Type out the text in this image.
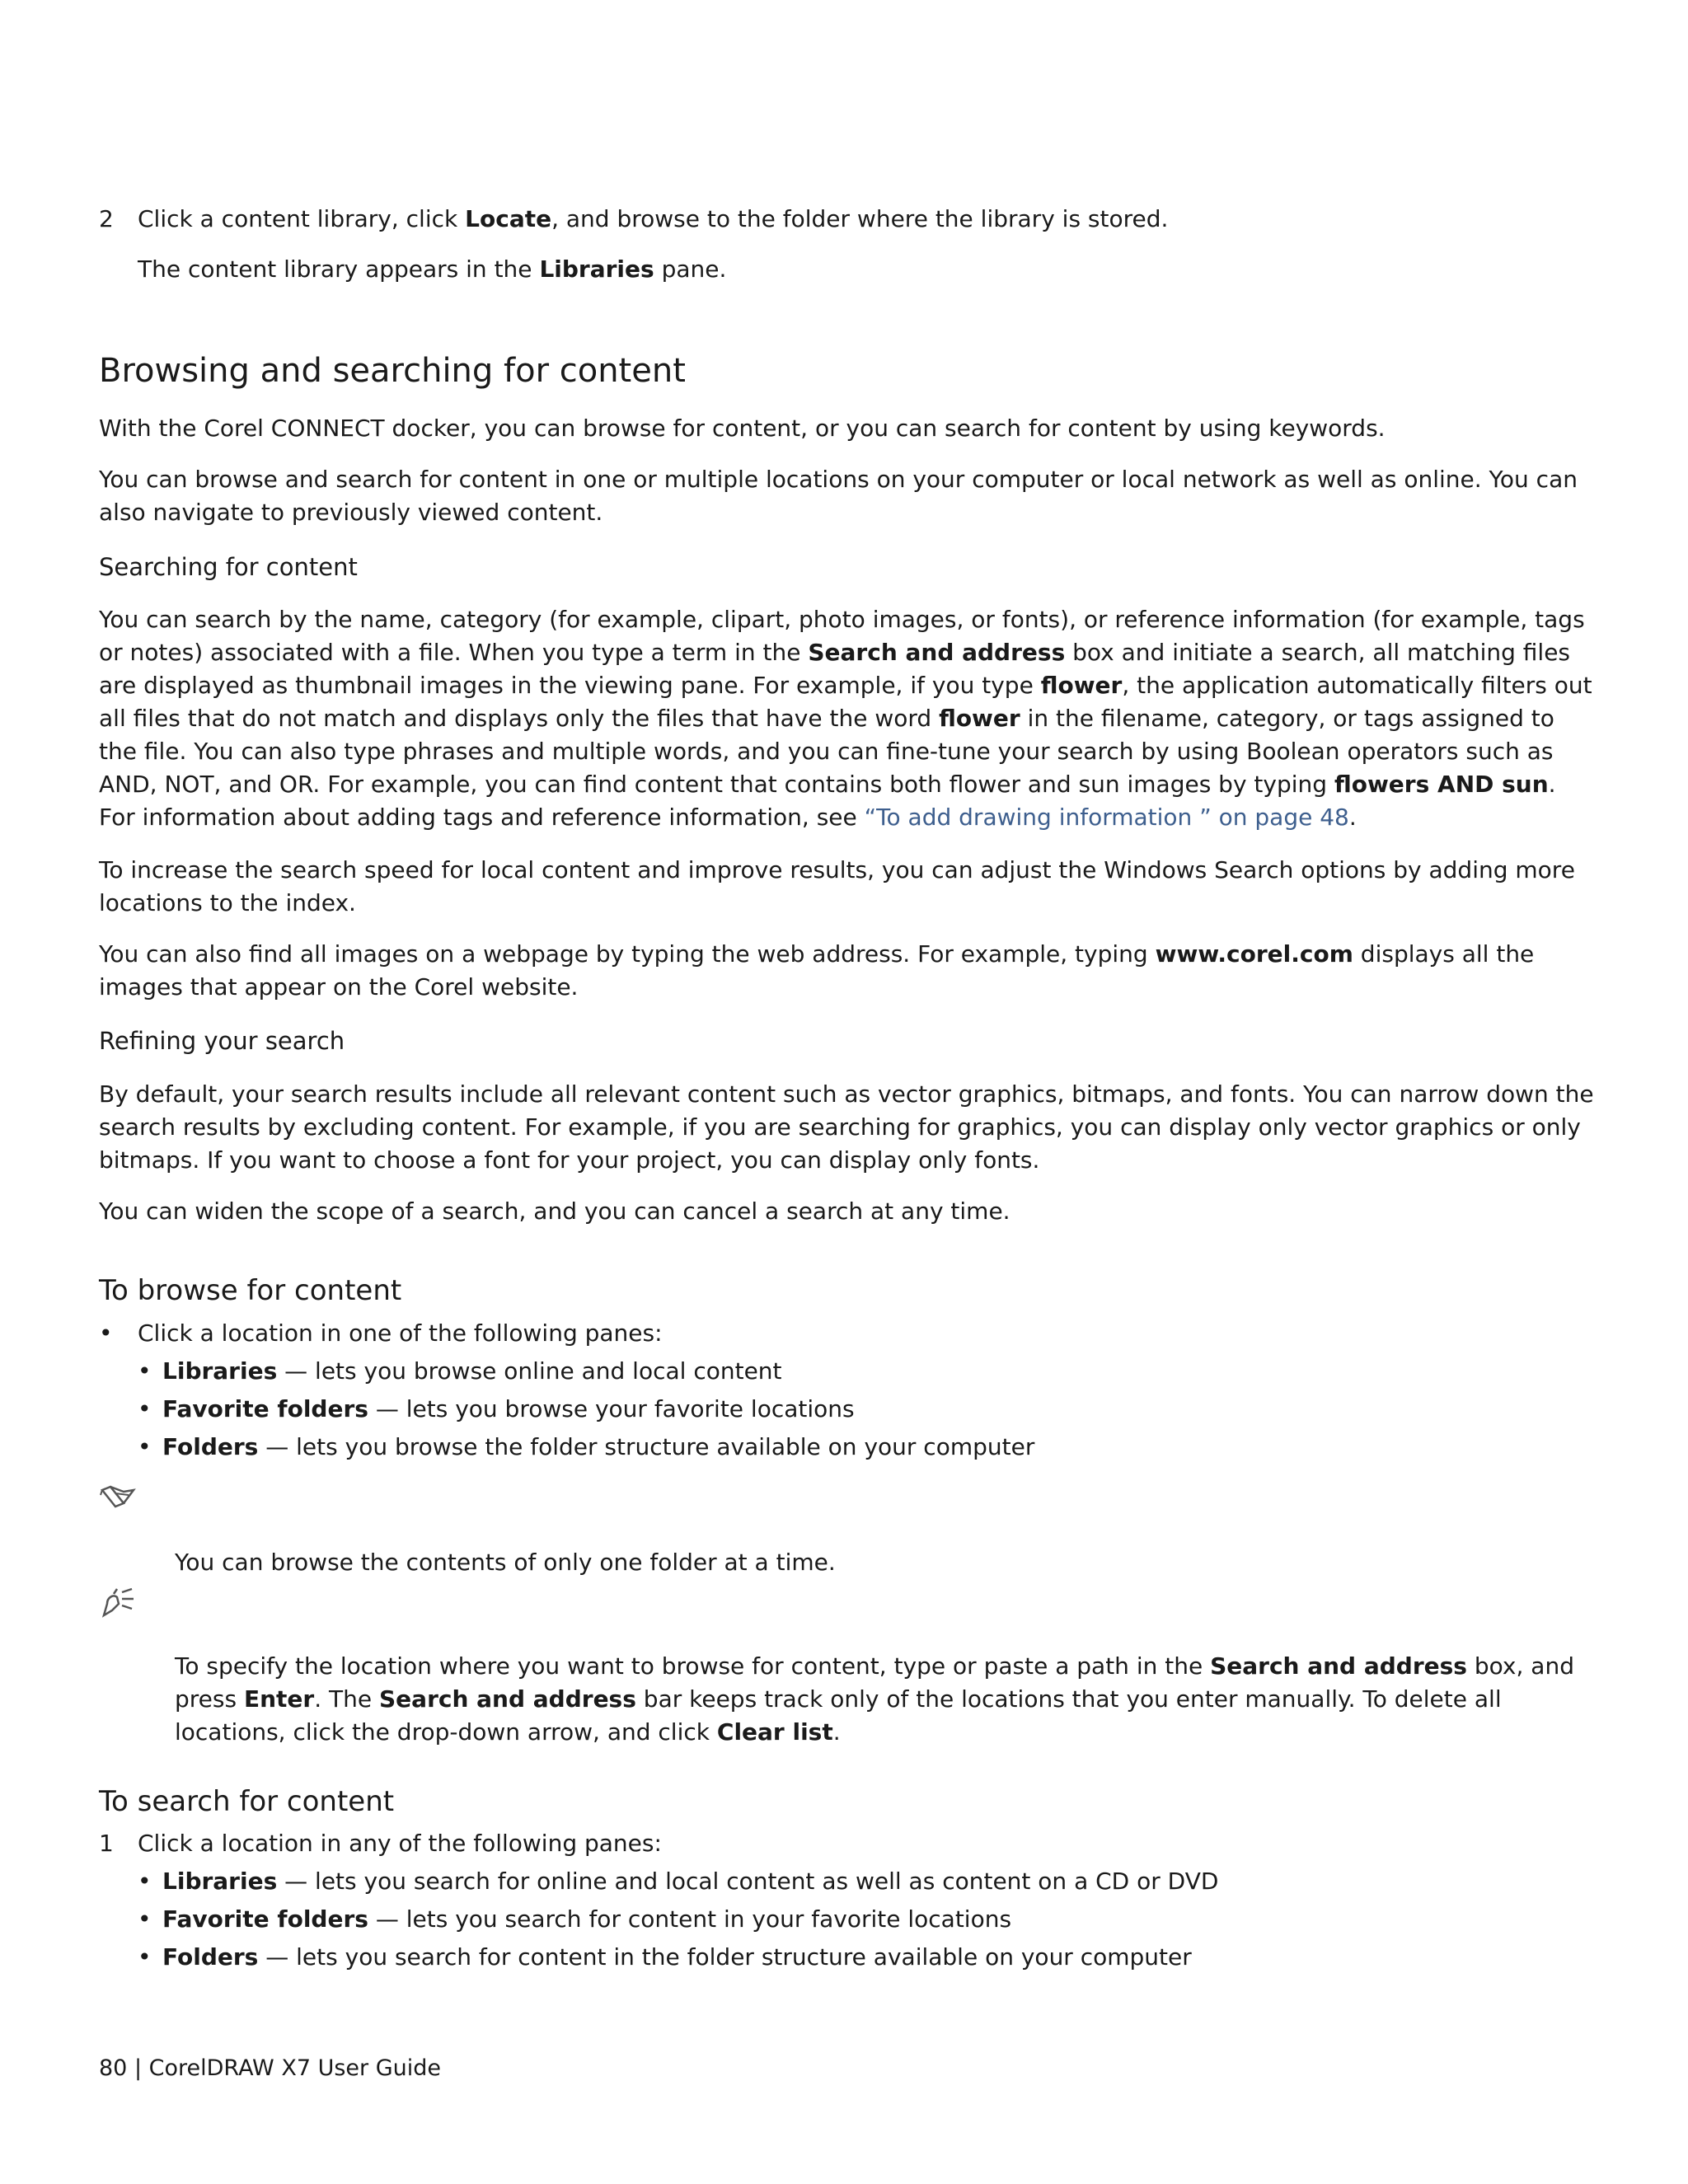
2 Click a content library, click Locate, and browse to the folder where the library is stored.

The content library appears in the Libraries pane.

Browsing and searching for content

With the Corel CONNECT docker, you can browse for content, or you can search for content by using keywords.

You can browse and search for content in one or multiple locations on your computer or local network as well as online. You can also navigate to previously viewed content.

Searching for content

You can search by the name, category (for example, clipart, photo images, or fonts), or reference information (for example, tags or notes) associated with a file. When you type a term in the Search and address box and initiate a search, all matching files are displayed as thumbnail images in the viewing pane. For example, if you type flower, the application automatically filters out all files that do not match and displays only the files that have the word flower in the filename, category, or tags assigned to the file. You can also type phrases and multiple words, and you can fine-tune your search by using Boolean operators such as AND, NOT, and OR. For example, you can find content that contains both flower and sun images by typing flowers AND sun. For information about adding tags and reference information, see “To add drawing information ” on page 48.

To increase the search speed for local content and improve results, you can adjust the Windows Search options by adding more locations to the index.

You can also find all images on a webpage by typing the web address. For example, typing www.corel.com displays all the images that appear on the Corel website.

Refining your search

By default, your search results include all relevant content such as vector graphics, bitmaps, and fonts. You can narrow down the search results by excluding content. For example, if you are searching for graphics, you can display only vector graphics or only bitmaps. If you want to choose a font for your project, you can display only fonts.

You can widen the scope of a search, and you can cancel a search at any time.

To browse for content
• Click a location in one of the following panes:

• Libraries — lets you browse online and local content
• Favorite folders — lets you browse your favorite locations
• Folders — lets you browse the folder structure available on your computer

You can browse the contents of only one folder at a time.

To specify the location where you want to browse for content, type or paste a path in the Search and address box, and press Enter. The Search and address bar keeps track only of the locations that you enter manually. To delete all locations, click the drop-down arrow, and click Clear list.

To search for content
1 Click a location in any of the following panes:

• Libraries — lets you search for online and local content as well as content on a CD or DVD
• Favorite folders — lets you search for content in your favorite locations
• Folders — lets you search for content in the folder structure available on your computer
80 | CorelDRAW X7 User Guide
